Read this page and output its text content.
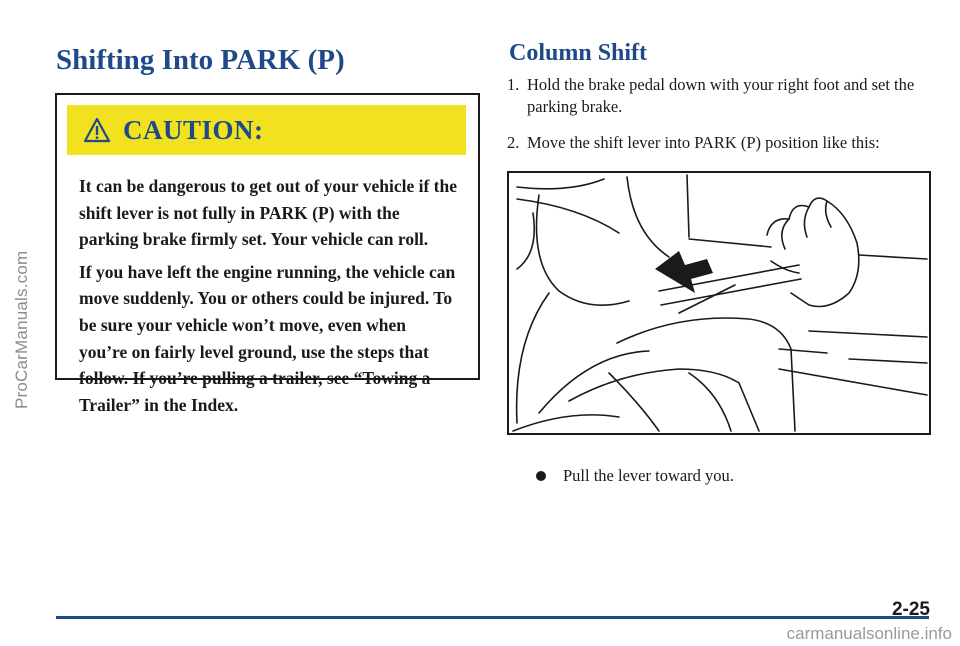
ProCarManuals.com
Shifting Into PARK (P)
CAUTION:

It can be dangerous to get out of your vehicle if the shift lever is not fully in PARK (P) with the parking brake firmly set. Your vehicle can roll.

If you have left the engine running, the vehicle can move suddenly. You or others could be injured. To be sure your vehicle won’t move, even when you’re on fairly level ground, use the steps that follow. If you’re pulling a trailer, see “Towing a Trailer” in the Index.

Column Shift
1. Hold the brake pedal down with your right foot and set the parking brake.
2. Move the shift lever into PARK (P) position like this:
Pull the lever toward you.
2-25
carmanualsonline.info
